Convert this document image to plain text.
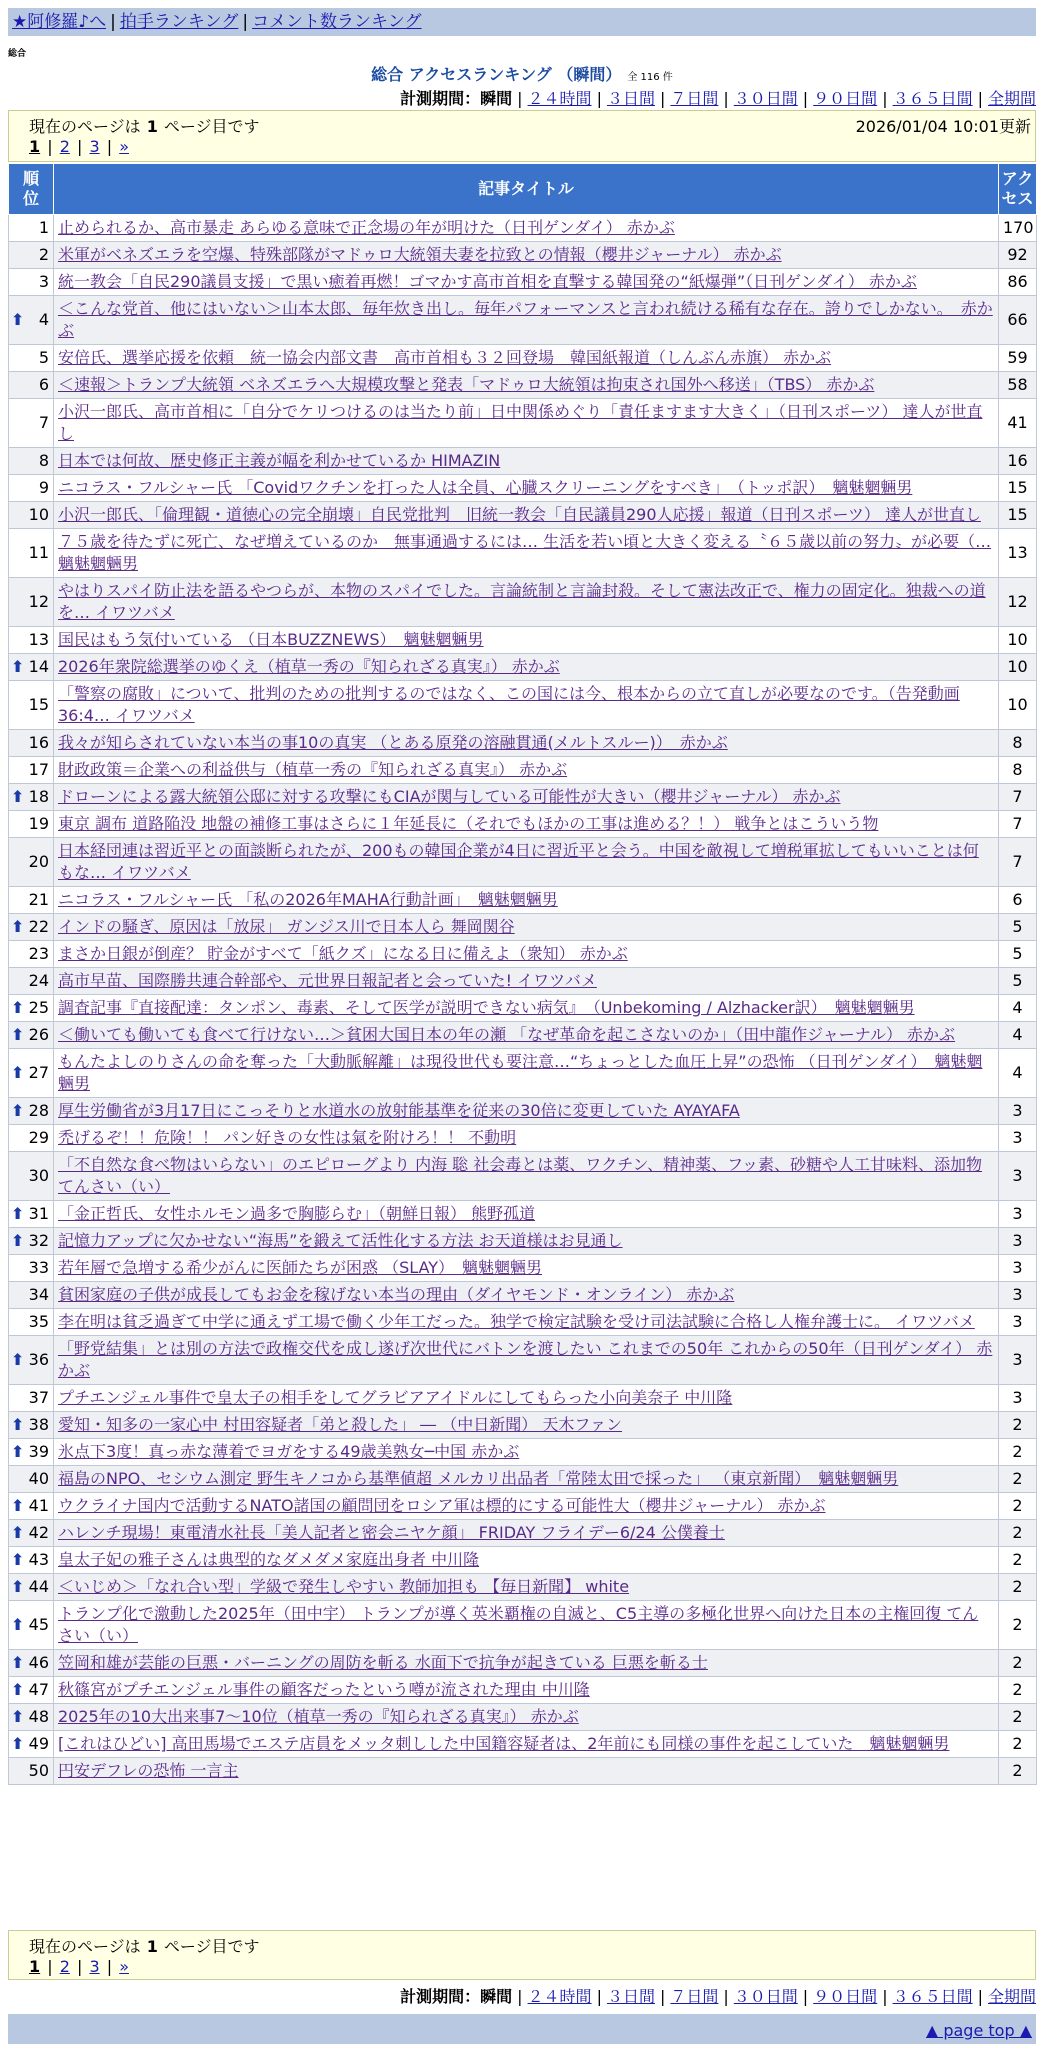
★阿修羅♪へ | 拍手ランキング | コメント数ランキング
総合
総合 アクセスランキング （瞬間） 全 116 件
計測期間：瞬間 | ２４時間 | ３日間 | ７日間 | ３０日間 | ９０日間 | ３６５日間 | 全期間
現在のページは 1 ページ目です	2026/01/04 10:01更新
1 | 2 | 3 | »
順位	記事タイトル	アクセス
1	止められるか、高市暴走 あらゆる意味で正念場の年が明けた（日刊ゲンダイ） 赤かぶ	170
2	米軍がベネズエラを空爆、特殊部隊がマドゥロ大統領夫妻を拉致との情報（櫻井ジャーナル） 赤かぶ	92
3	統一教会「自民290議員支援」で黒い癒着再燃！ゴマかす高市首相を直撃する韓国発の“紙爆弾”（日刊ゲンダイ） 赤かぶ	86

⬆ 4	＜こんな党首、他にはいない＞山本太郎、毎年炊き出し。毎年パフォーマンスと言われ続ける稀有な存在。誇りでしかない。　赤かぶ	66
5	安倍氏、選挙応援を依頼　統一協会内部文書　高市首相も３２回登場　韓国紙報道（しんぶん赤旗） 赤かぶ	59
6	＜速報＞トランプ大統領 ベネズエラへ大規模攻撃と発表「マドゥロ大統領は拘束され国外へ移送」（TBS） 赤かぶ	58
7	小沢一郎氏、高市首相に「自分でケリつけるのは当たり前」日中関係めぐり「責任ますます大きく」（日刊スポーツ） 達人が世直し	41
8	日本では何故、歴史修正主義が幅を利かせているか HIMAZIN	16
9	ニコラス・フルシャー氏 「Covidワクチンを打った人は全員、心臓スクリーニングをすべき」　（トッポ訳）　魑魅魍魎男	15
10	小沢一郎氏、「倫理観・道徳心の完全崩壊」自民党批判　旧統一教会「自民議員290人応援」報道（日刊スポーツ） 達人が世直し	15
11	７５歳を待たずに死亡、なぜ増えているのか　無事通過するには… 生活を若い頃と大きく変える〝６５歳以前の努力〟が必要（… 魑魅魍魎男	13
12	やはりスパイ防止法を語るやつらが、本物のスパイでした。言論統制と言論封殺。そして憲法改正で、権力の固定化。独裁への道を… イワツバメ	12
13	国民はもう気付いている （日本BUZZNEWS）　魑魅魍魎男	10

⬆ 14	2026年衆院総選挙のゆくえ（植草一秀の『知られざる真実』） 赤かぶ	10
15	「警察の腐敗」について、批判のための批判するのではなく、この国には今、根本からの立て直しが必要なのです。（告発動画36:4… イワツバメ	10
16	我々が知らされていない本当の事10の真実 （とある原発の溶融貫通(メルトスルー)）　赤かぶ	8
17	財政政策＝企業への利益供与（植草一秀の『知られざる真実』） 赤かぶ	8

⬆ 18	ドローンによる露大統領公邸に対する攻撃にもCIAが関与している可能性が大きい（櫻井ジャーナル） 赤かぶ	7
19	東京 調布 道路陥没 地盤の補修工事はさらに１年延長に（それでもほかの工事は進める？！） 戦争とはこういう物	7
20	日本経団連は習近平との面談断られたが、200もの韓国企業が4日に習近平と会う。中国を敵視して増税軍拡してもいいことは何もな… イワツバメ	7
21	ニコラス・フルシャー氏 「私の2026年MAHA行動計画」　魑魅魍魎男	6

⬆ 22	インドの騒ぎ、原因は「放尿」 ガンジス川で日本人ら 舞岡関谷	5
23	まさか日銀が倒産？ 貯金がすべて「紙クズ」になる日に備えよ（衆知） 赤かぶ	5
24	高市早苗、国際勝共連合幹部や、元世界日報記者と会っていた! イワツバメ	5

⬆ 25	調査記事『直接配達：タンポン、毒素、そして医学が説明できない病気』　（Unbekoming / Alzhacker訳）　魑魅魍魎男	4

⬆ 26	＜働いても働いても食べて行けない…＞貧困大国日本の年の瀬 「なぜ革命を起こさないのか」（田中龍作ジャーナル） 赤かぶ	4

⬆ 27	もんたよしのりさんの命を奪った「大動脈解離」は現役世代も要注意…“ちょっとした血圧上昇”の恐怖 （日刊ゲンダイ）　魑魅魍魎男	4

⬆ 28	厚生労働省が3月17日にこっそりと水道水の放射能基準を従来の30倍に変更していた AYAYAFA	3
29	禿げるぞ！！危険！！ パン好きの女性は氣を附けろ！！ 不動明	3
30	「不自然な食べ物はいらない」のエピローグより 内海 聡 社会毒とは薬、ワクチン、精神薬、フッ素、砂糖や人工甘味料、添加物 てんさい（い）	3

⬆ 31	「金正哲氏、女性ホルモン過多で胸膨らむ」（朝鮮日報） 熊野孤道	3

⬆ 32	記憶力アップに欠かせない“海馬”を鍛えて活性化する方法 お天道様はお見通し	3
33	若年層で急増する希少がんに医師たちが困惑 （SLAY）　魑魅魍魎男	3
34	貧困家庭の子供が成長してもお金を稼げない本当の理由（ダイヤモンド・オンライン） 赤かぶ	3
35	李在明は貧乏過ぎて中学に通えず工場で働く少年工だった。独学で検定試験を受け司法試験に合格し人権弁護士に。 イワツバメ	3

⬆ 36	「野党結集」とは別の方法で政権交代を成し遂げ次世代にバトンを渡したい これまでの50年 これからの50年（日刊ゲンダイ） 赤かぶ	3
37	プチエンジェル事件で皇太子の相手をしてグラビアアイドルにしてもらった小向美奈子 中川隆	3

⬆ 38	愛知・知多の一家心中 村田容疑者「弟と殺した」 ― （中日新聞） 天木ファン	2

⬆ 39	氷点下3度！真っ赤な薄着でヨガをする49歳美熟女─中国 赤かぶ	2
40	福島のNPO、セシウム測定 野生キノコから基準値超 メルカリ出品者「常陸太田で採った」 （東京新聞）　魑魅魍魎男	2

⬆ 41	ウクライナ国内で活動するNATO諸国の顧問団をロシア軍は標的にする可能性大（櫻井ジャーナル） 赤かぶ	2

⬆ 42	ハレンチ現場！東電清水社長「美人記者と密会ニヤケ顔」 FRIDAY フライデー6/24 公僕養士	2

⬆ 43	皇太子妃の雅子さんは典型的なダメダメ家庭出身者 中川隆	2

⬆ 44	＜いじめ＞「なれ合い型」学級で発生しやすい 教師加担も 【毎日新聞】 white	2

⬆ 45	トランプ化で激動した2025年（田中宇） トランプが導く英米覇権の自滅と、C5主導の多極化世界へ向けた日本の主権回復 てんさい（い）	2

⬆ 46	笠岡和雄が芸能の巨悪・バーニングの周防を斬る 水面下で抗争が起きている 巨悪を斬る士	2

⬆ 47	秋篠宮がプチエンジェル事件の顧客だったという噂が流された理由 中川隆	2

⬆ 48	2025年の10大出来事7～10位（植草一秀の『知られざる真実』） 赤かぶ	2

⬆ 49	[これはひどい] 高田馬場でエステ店員をメッタ刺しした中国籍容疑者は、2年前にも同様の事件を起こしていた　魑魅魍魎男	2
50	円安デフレの恐怖 一言主	2
現在のページは 1 ページ目です
1 | 2 | 3 | »
計測期間：瞬間 | ２４時間 | ３日間 | ７日間 | ３０日間 | ９０日間 | ３６５日間 | 全期間
▲ page top ▲
